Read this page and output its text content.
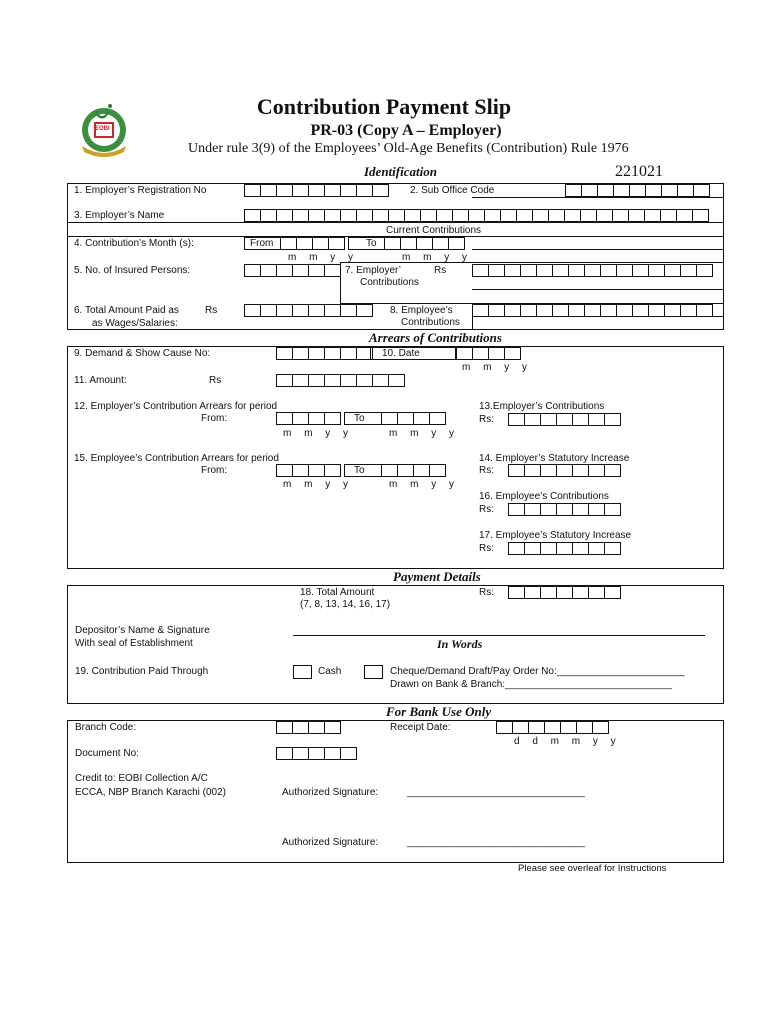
EOBI
Contribution Payment Slip
PR-03 (Copy A – Employer)
Under rule 3(9) of the Employees’ Old-Age Benefits (Contribution) Rule 1976
Identification	221021
1. Employer’s Registration No	2. Sub Office Code
3. Employer’s Name
Current Contributions
4. Contribution’s Month (s):	From	To
m m y y	m m y y
5. No. of Insured Persons:	7. Employer’	Rs
Contributions
6. Total Amount Paid as	Rs
as Wages/Salaries:
8. Employee’s
Contributions
Arrears of Contributions
9. Demand & Show Cause No:	10. Date
m m y y
11. Amount:	Rs
12. Employer’s Contribution Arrears for period
From:	To
m m y y	m m y y
13.Employer’s Contributions
Rs:
15. Employee’s Contribution Arrears for period
From:	To
m m y y	m m y y
14. Employer’s Statutory Increase
Rs:
16. Employee’s Contributions
Rs:
17. Employee’s Statutory Increase
Rs:
Payment Details
18. Total Amount
(7, 8, 13, 14, 16, 17)
Rs:
Depositor’s Name & Signature
With seal of Establishment	In Words
19. Contribution Paid Through	Cash	Cheque/Demand Draft/Pay Order No:_______________________
Drawn on Bank & Branch:______________________________
For Bank Use Only
Branch Code:	Receipt Date:
d d m m y y
Document No:
Credit to: EOBI Collection A/C
ECCA, NBP Branch Karachi (002)	Authorized Signature:	________________________________
Authorized Signature:	________________________________
Please see overleaf for Instructions
